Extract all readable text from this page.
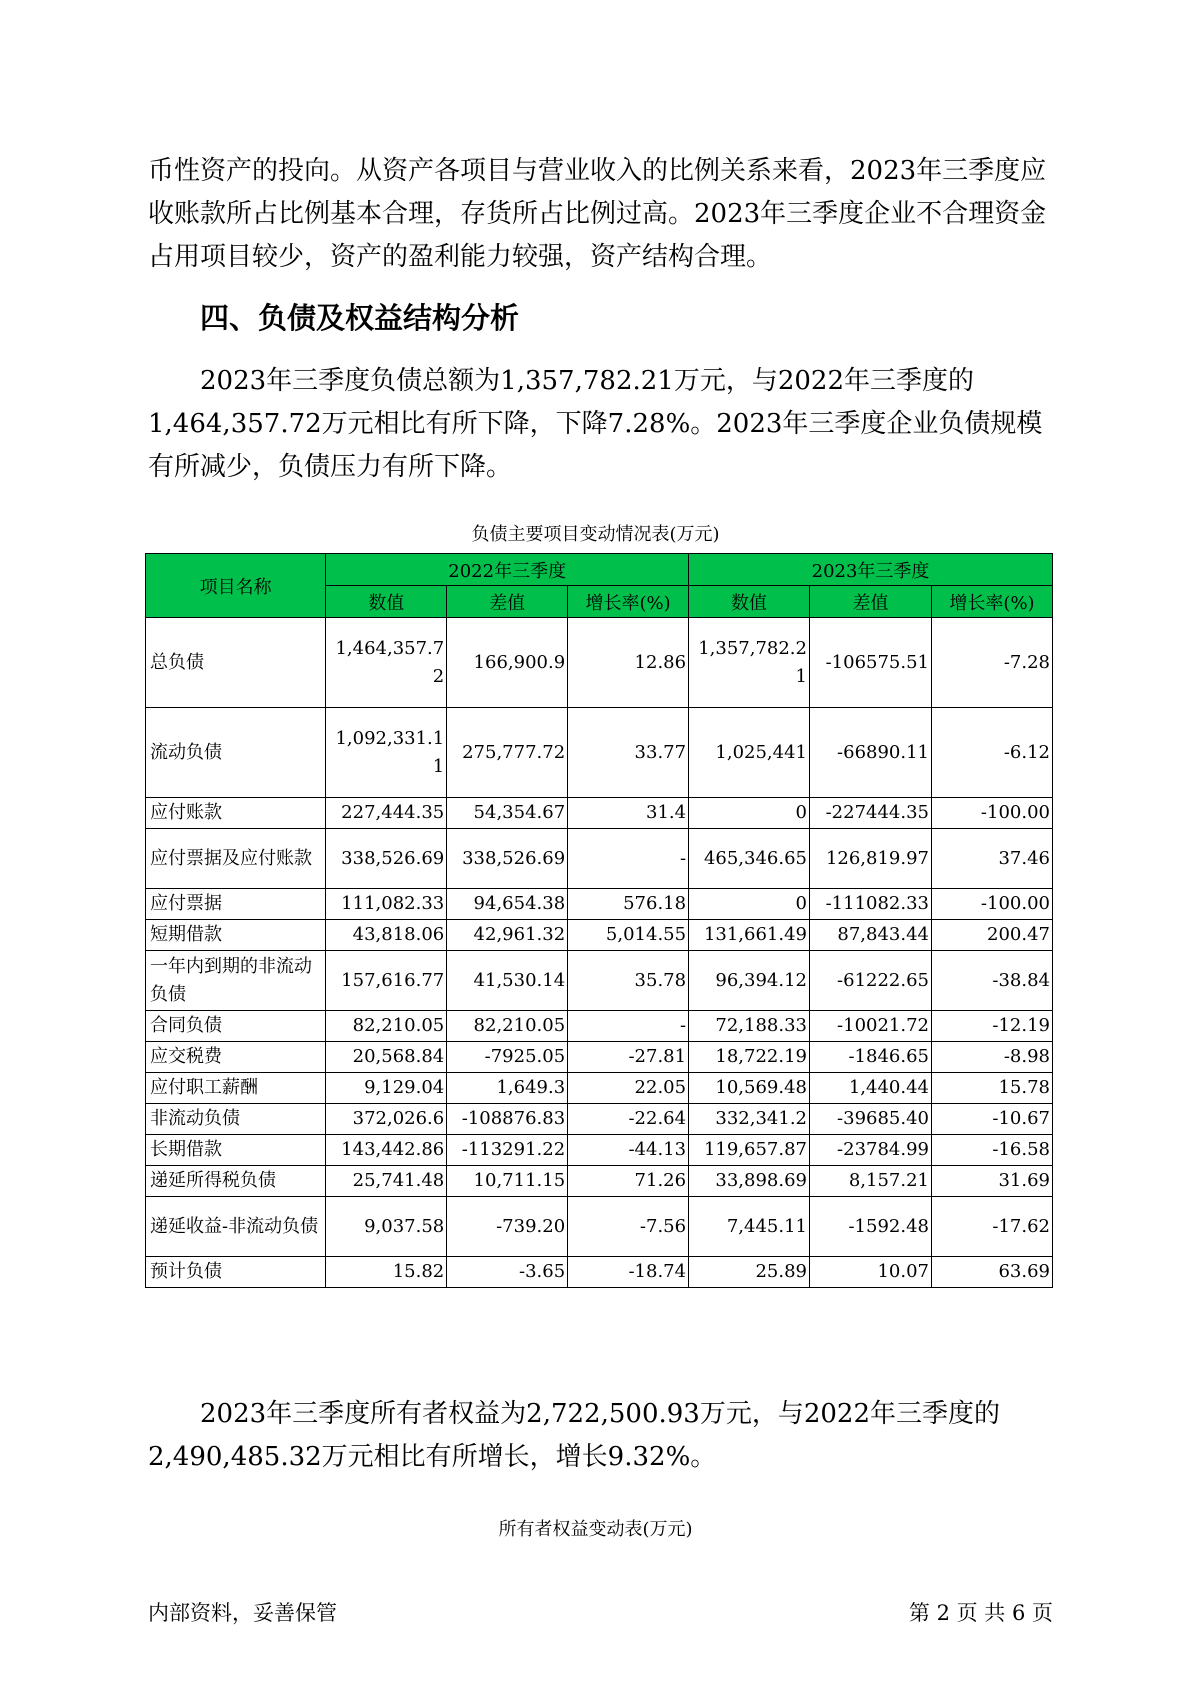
币性资产的投向。从资产各项目与营业收入的比例关系来看，2023年三季度应收账款所占比例基本合理，存货所占比例过高。2023年三季度企业不合理资金占用项目较少，资产的盈利能力较强，资产结构合理。

四、负债及权益结构分析

2023年三季度负债总额为1,357,782.21万元，与2022年三季度的1,464,357.72万元相比有所下降，下降7.28%。2023年三季度企业负债规模有所减少，负债压力有所下降。

负债主要项目变动情况表(万元)
项目名称	2022年三季度			2023年三季度		
	数值	差值	增长率(%)	数值	差值	增长率(%)
总负债	1,464,357.72	166,900.9	12.86	1,357,782.21	-106575.51	-7.28
流动负债	1,092,331.11	275,777.72	33.77	1,025,441	-66890.11	-6.12
应付账款	227,444.35	54,354.67	31.4	0	-227444.35	-100.00
应付票据及应付账款	338,526.69	338,526.69	-	465,346.65	126,819.97	37.46
应付票据	111,082.33	94,654.38	576.18	0	-111082.33	-100.00
短期借款	43,818.06	42,961.32	5,014.55	131,661.49	87,843.44	200.47
一年内到期的非流动负债	157,616.77	41,530.14	35.78	96,394.12	-61222.65	-38.84
合同负债	82,210.05	82,210.05	-	72,188.33	-10021.72	-12.19
应交税费	20,568.84	-7925.05	-27.81	18,722.19	-1846.65	-8.98
应付职工薪酬	9,129.04	1,649.3	22.05	10,569.48	1,440.44	15.78
非流动负债	372,026.6	-108876.83	-22.64	332,341.2	-39685.40	-10.67
长期借款	143,442.86	-113291.22	-44.13	119,657.87	-23784.99	-16.58
递延所得税负债	25,741.48	10,711.15	71.26	33,898.69	8,157.21	31.69
递延收益-非流动负债	9,037.58	-739.20	-7.56	7,445.11	-1592.48	-17.62
预计负债	15.82	-3.65	-18.74	25.89	10.07	63.69

2023年三季度所有者权益为2,722,500.93万元，与2022年三季度的2,490,485.32万元相比有所增长，增长9.32%。

所有者权益变动表(万元)
内部资料，妥善保管	第 2 页 共 6 页
